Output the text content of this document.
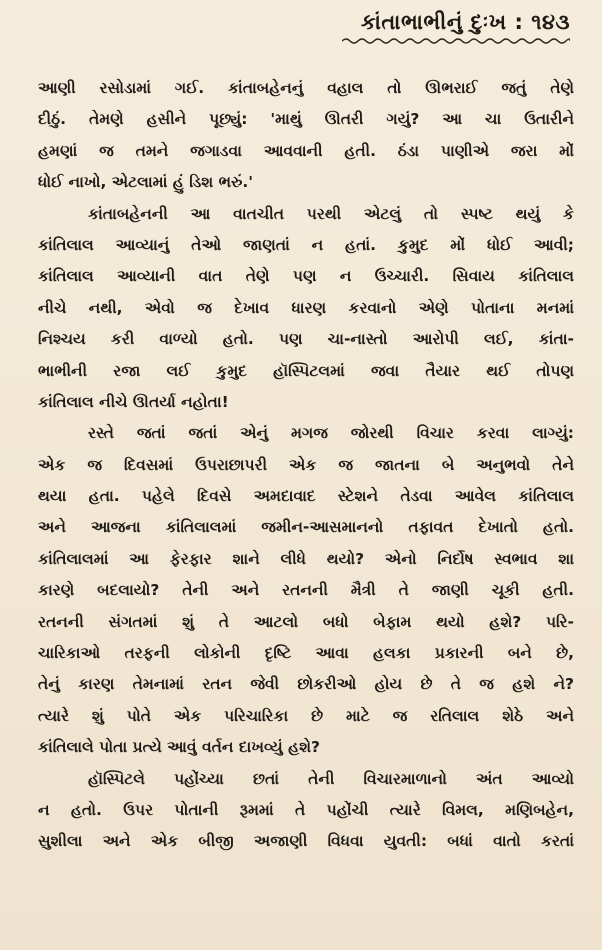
કાંતાભાભીનું દુઃખ : ૧૪૩
આણી રસોડામાં ગઈ. કાંતાબહેનનું વહાલ તો ઊભરાઈ જતું તેણે
દીઠું. તેમણે હસીને પૂછ્યું: 'માથું ઊતરી ગયું? આ ચા ઉતારીને
હમણાં જ તમને જગાડવા આવવાની હતી. ઠંડા પાણીએ જરા મોં
ધોઈ નાખો, એટલામાં હું ડિશ ભરું.'
કાંતાબહેનની આ વાતચીત પરથી એટલું તો સ્પષ્ટ થયું કે
કાંતિલાલ આવ્યાનું તેઓ જાણતાં ન હતાં. કુમુદ મોં ધોઈ આવી;
કાંતિલાલ આવ્યાની વાત તેણે પણ ન ઉચ્ચારી. સિવાય કાંતિલાલ
નીચે નથી, એવો જ દેખાવ ધારણ કરવાનો એણે પોતાના મનમાં
નિશ્ચય કરી વાળ્યો હતો. પણ ચા-નાસ્તો આરોપી લઈ, કાંતા-
ભાભીની રજા લઈ કુમુદ હૉસ્પિટલમાં જવા તૈયાર થઈ તોપણ
કાંતિલાલ નીચે ઊતર્યા નહોતા!
રસ્તે જતાં જતાં એનું મગજ જોરથી વિચાર કરવા લાગ્યું:
એક જ દિવસમાં ઉપરાછાપરી એક જ જાતના બે અનુભવો તેને
થયા હતા. પહેલે દિવસે અમદાવાદ સ્ટેશને તેડવા આવેલ કાંતિલાલ
અને આજના કાંતિલાલમાં જમીન-આસમાનનો તફાવત દેખાતો હતો.
કાંતિલાલમાં આ ફેરફાર શાને લીધે થયો? એનો નિર્દોષ સ્વભાવ શા
કારણે બદલાયો? તેની અને રતનની મૈત્રી તે જાણી ચૂકી હતી.
રતનની સંગતમાં શું તે આટલો બધો બેફામ થયો હશે? પરિ-
ચારિકાઓ તરફની લોકોની દૃષ્ટિ આવા હલકા પ્રકારની બને છે,
તેનું કારણ તેમનામાં રતન જેવી છોકરીઓ હોય છે તે જ હશે ને?
ત્યારે શું પોતે એક પરિચારિકા છે માટે જ રતિલાલ શેઠે અને
કાંતિલાલે પોતા પ્રત્યે આવું વર્તન દાખવ્યું હશે?
હૉસ્પિટલે પહોંચ્યા છતાં તેની વિચારમાળાનો અંત આવ્યો
ન હતો. ઉપર પોતાની રૂમમાં તે પહોંચી ત્યારે વિમલ, મણિબહેન,
સુશીલા અને એક બીજી અજાણી વિધવા યુવતી: બધાં વાતો કરતાં
